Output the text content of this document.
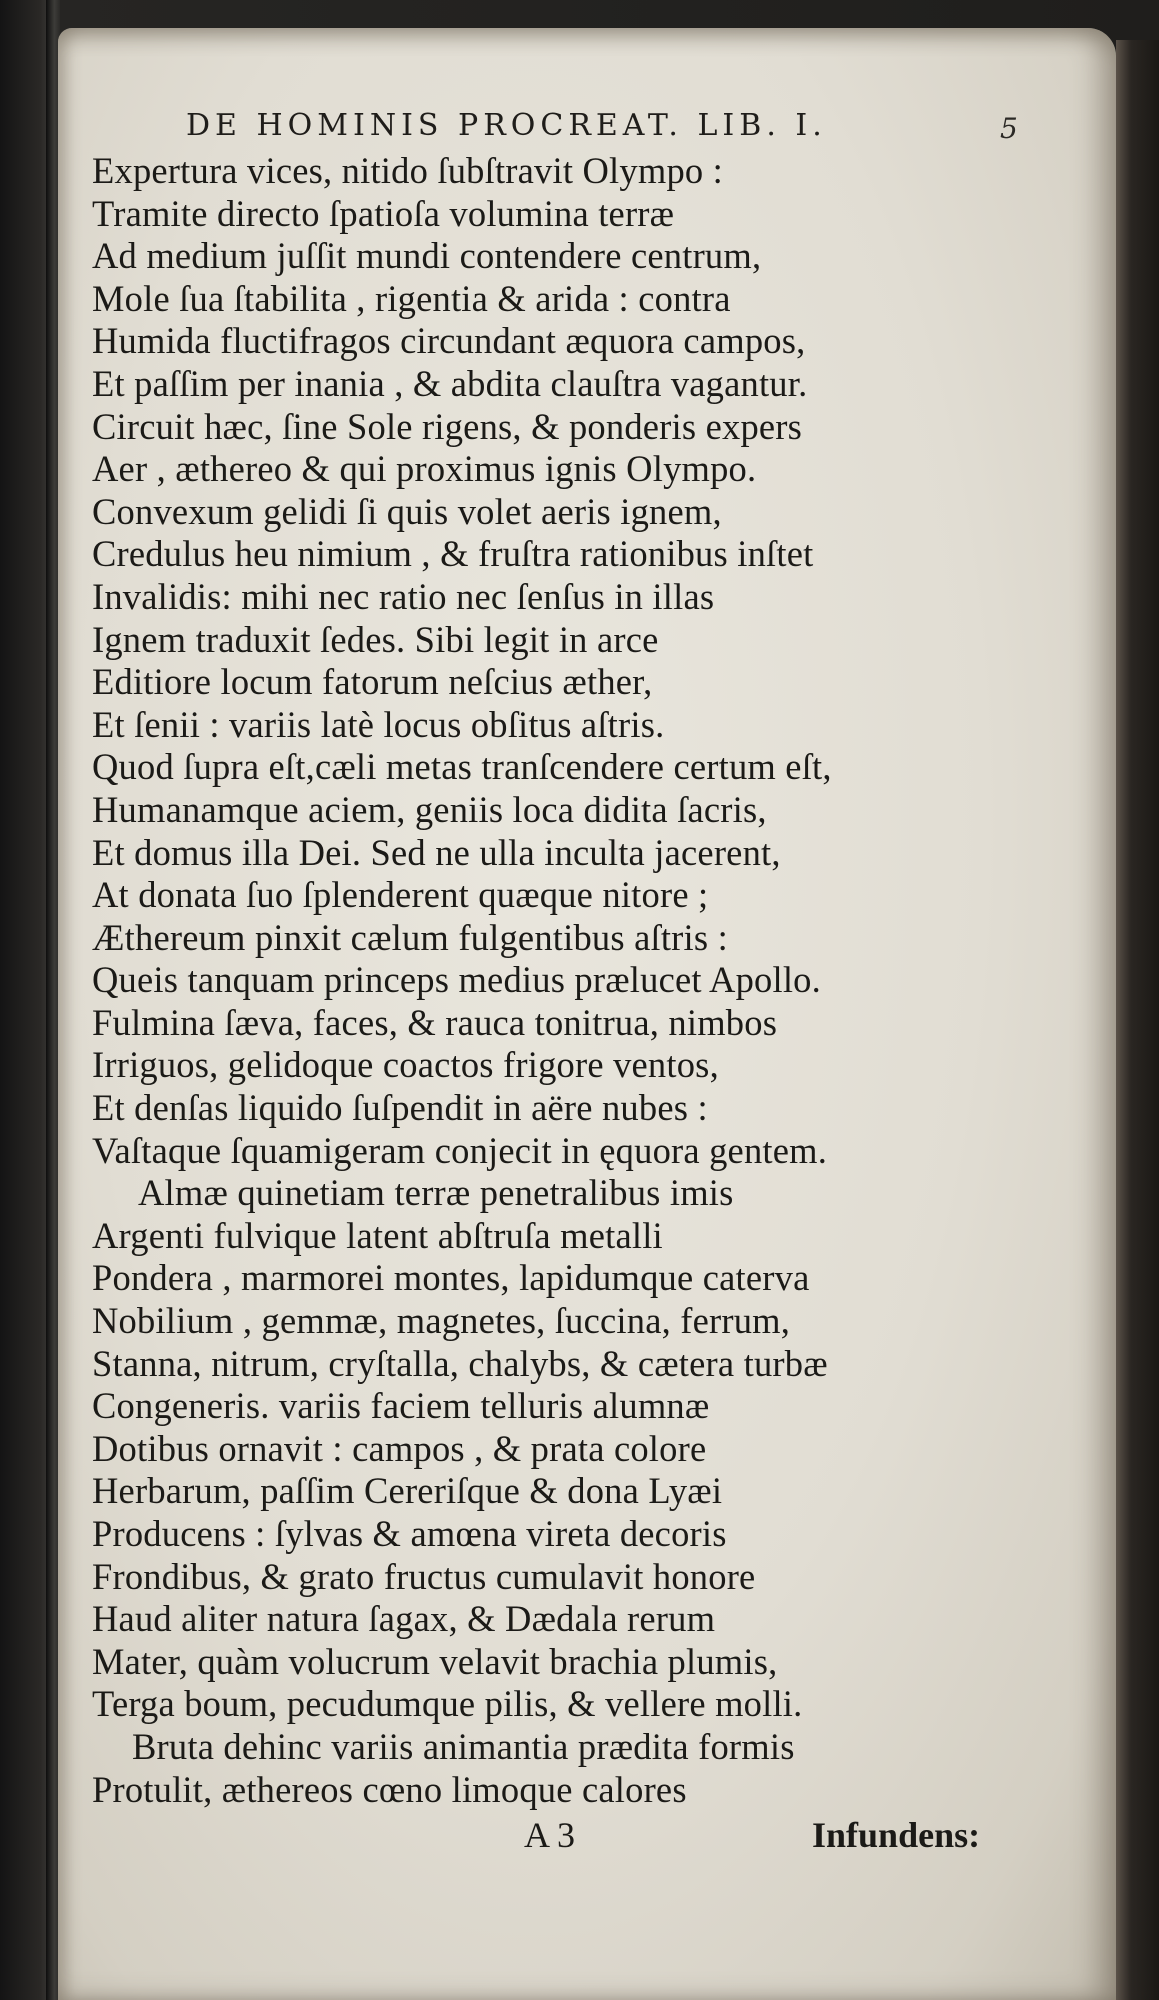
DE HOMINIS PROCREAT. LIB. I.	5
Expertura vices, nitido ſubſtravit Olympo :
Tramite directo ſpatioſa volumina terræ
Ad medium juſſit mundi contendere centrum,
Mole ſua ſtabilita , rigentia & arida : contra
Humida fluctifragos circundant æquora campos,
Et paſſim per inania , & abdita clauſtra vagantur.
Circuit hæc, ſine Sole rigens, & ponderis expers
Aer , æthereo & qui proximus ignis Olympo.
Convexum gelidi ſi quis volet aeris ignem,
Credulus heu nimium , & fruſtra rationibus inſtet
Invalidis: mihi nec ratio nec ſenſus in illas
Ignem traduxit ſedes. Sibi legit in arce
Editiore locum fatorum neſcius æther,
Et ſenii : variis latè locus obſitus aſtris.
Quod ſupra eſt,cæli metas tranſcendere certum eſt,
Humanamque aciem, geniis loca didita ſacris,
Et domus illa Dei. Sed ne ulla inculta jacerent,
At donata ſuo ſplenderent quæque nitore ;
Æthereum pinxit cælum fulgentibus aſtris :
Queis tanquam princeps medius prælucet Apollo.
Fulmina ſæva, faces, & rauca tonitrua, nimbos
Irriguos, gelidoque coactos frigore ventos,
Et denſas liquido ſuſpendit in aëre nubes :
Vaſtaque ſquamigeram conjecit in ęquora gentem.
Almæ quinetiam terræ penetralibus imis
Argenti fulvique latent abſtruſa metalli
Pondera , marmorei montes, lapidumque caterva
Nobilium , gemmæ, magnetes, ſuccina, ferrum,
Stanna, nitrum, cryſtalla, chalybs, & cætera turbæ
Congeneris. variis faciem telluris alumnæ
Dotibus ornavit : campos , & prata colore
Herbarum, paſſim Cereriſque & dona Lyæi
Producens : ſylvas & amœna vireta decoris
Frondibus, & grato fructus cumulavit honore
Haud aliter natura ſagax, & Dædala rerum
Mater, quàm volucrum velavit brachia plumis,
Terga boum, pecudumque pilis, & vellere molli.
Bruta dehinc variis animantia prædita formis
Protulit, æthereos cœno limoque calores
A 3	Infundens:
